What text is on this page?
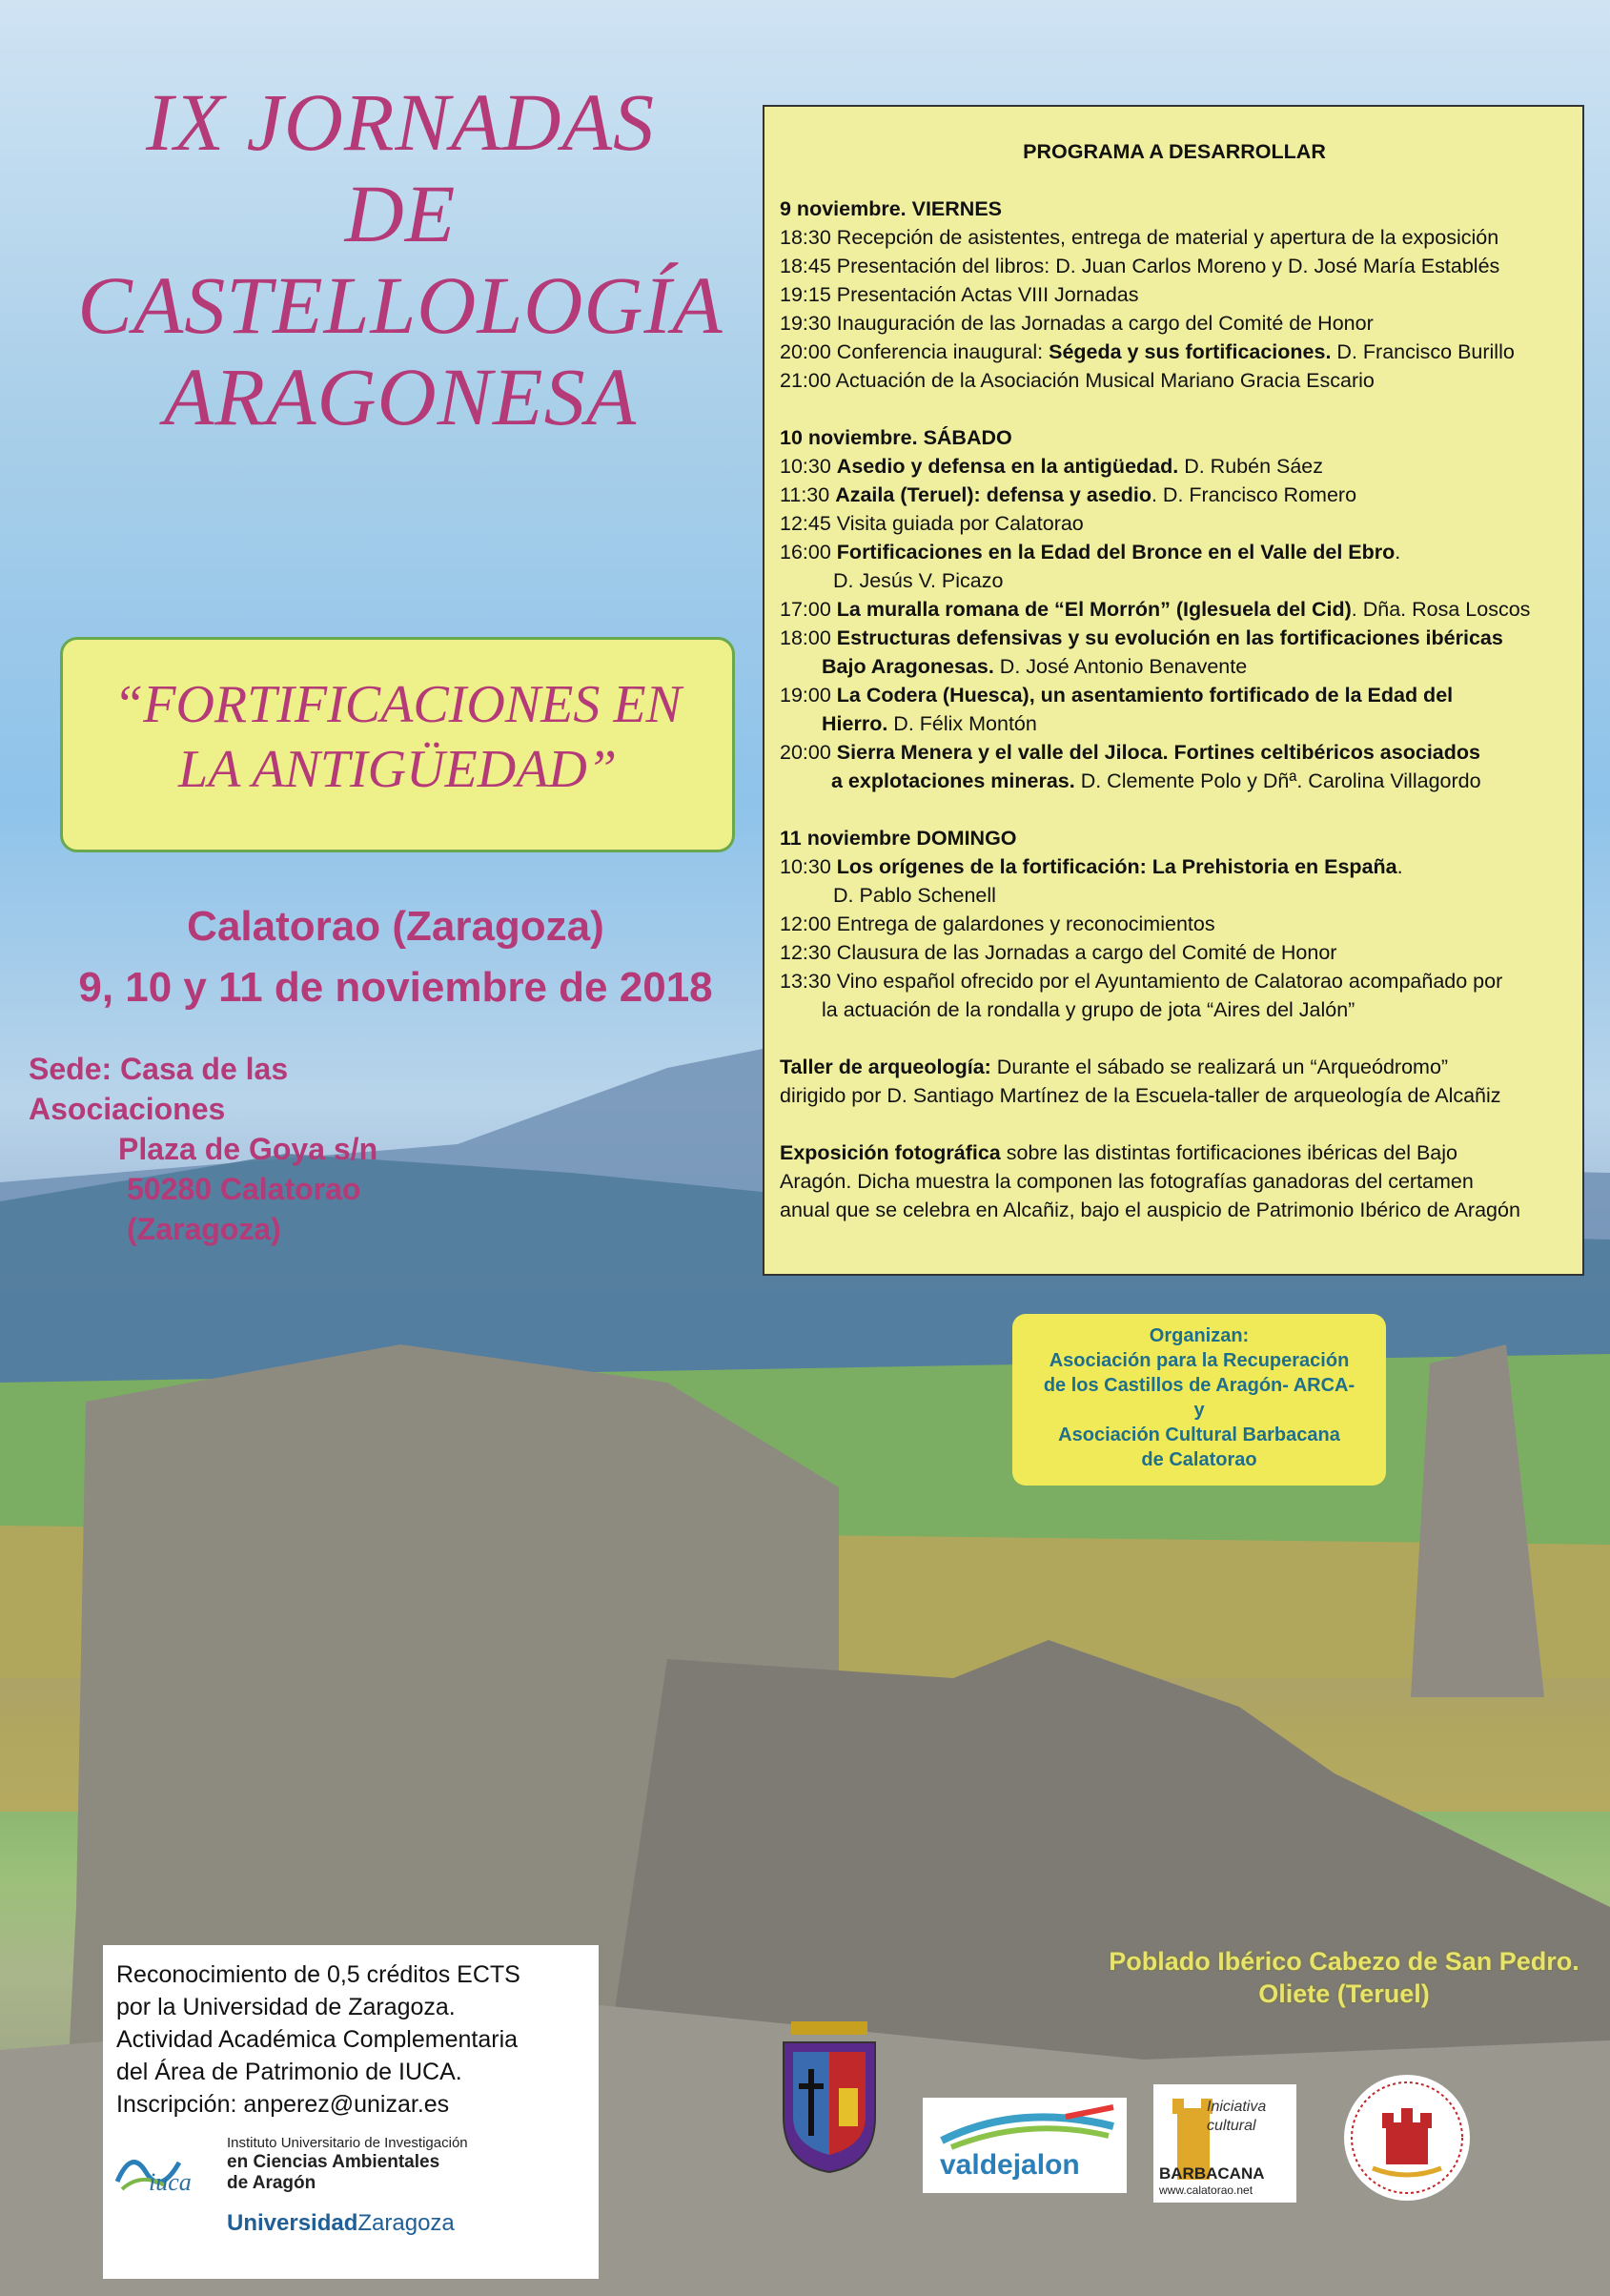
IX JORNADAS
DE
CASTELLOLOGÍA
ARAGONESA
“FORTIFICACIONES EN
LA ANTIGÜEDAD”
Calatorao (Zaragoza)
9, 10 y 11 de noviembre de 2018
Sede: Casa de las Asociaciones
Plaza de Goya s/n
50280 Calatorao
(Zaragoza)
PROGRAMA A DESARROLLAR
9 noviembre. VIERNES
18:30 Recepción de asistentes, entrega de material y apertura de la exposición
18:45 Presentación del libros: D. Juan Carlos Moreno y D. José María Establés
19:15 Presentación Actas VIII Jornadas
19:30 Inauguración de las Jornadas a cargo del Comité de Honor
20:00 Conferencia inaugural: Ségeda y sus fortificaciones. D. Francisco Burillo
21:00 Actuación de la Asociación Musical Mariano Gracia Escario
10 noviembre. SÁBADO
10:30 Asedio y defensa en la antigüedad. D. Rubén Sáez
11:30 Azaila (Teruel): defensa y asedio. D. Francisco Romero
12:45 Visita guiada por Calatorao
16:00 Fortificaciones en la Edad del Bronce en el Valle del Ebro.
D. Jesús V. Picazo
17:00 La muralla romana de “El Morrón” (Iglesuela del Cid). Dña. Rosa Loscos
18:00 Estructuras defensivas y su evolución en las fortificaciones ibéricas
Bajo Aragonesas. D. José Antonio Benavente
19:00 La Codera (Huesca), un asentamiento fortificado de la Edad del
Hierro. D. Félix Montón
20:00 Sierra Menera y el valle del Jiloca. Fortines celtibéricos asociados
a explotaciones mineras. D. Clemente Polo y Dñª. Carolina Villagordo
11 noviembre DOMINGO
10:30 Los orígenes de la fortificación: La Prehistoria en España.
D. Pablo Schenell
12:00 Entrega de galardones y reconocimientos
12:30 Clausura de las Jornadas a cargo del Comité de Honor
13:30 Vino español ofrecido por el Ayuntamiento de Calatorao acompañado por
la actuación de la rondalla y grupo de jota “Aires del Jalón”
Taller de arqueología: Durante el sábado se realizará un “Arqueódromo”
dirigido por D. Santiago Martínez de la Escuela-taller de arqueología de Alcañiz
Exposición fotográfica sobre las distintas fortificaciones ibéricas del Bajo
Aragón. Dicha muestra la componen las fotografías ganadoras del certamen
anual que se celebra en Alcañiz, bajo el auspicio de Patrimonio Ibérico de Aragón
Organizan:
Asociación para la Recuperación
de los Castillos de Aragón- ARCA-
y
Asociación Cultural Barbacana
de Calatorao
Poblado Ibérico Cabezo de San Pedro.
Oliete (Teruel)
Reconocimiento de 0,5 créditos ECTS
por la Universidad de Zaragoza.
Actividad Académica Complementaria
del Área de Patrimonio de IUCA.
Inscripción: anperez@unizar.es
iuca
Instituto Universitario de Investigación
en Ciencias Ambientales
de Aragón
UniversidadZaragoza
valdejalon
Iniciativa
cultural
BARBACANA
www.calatorao.net
